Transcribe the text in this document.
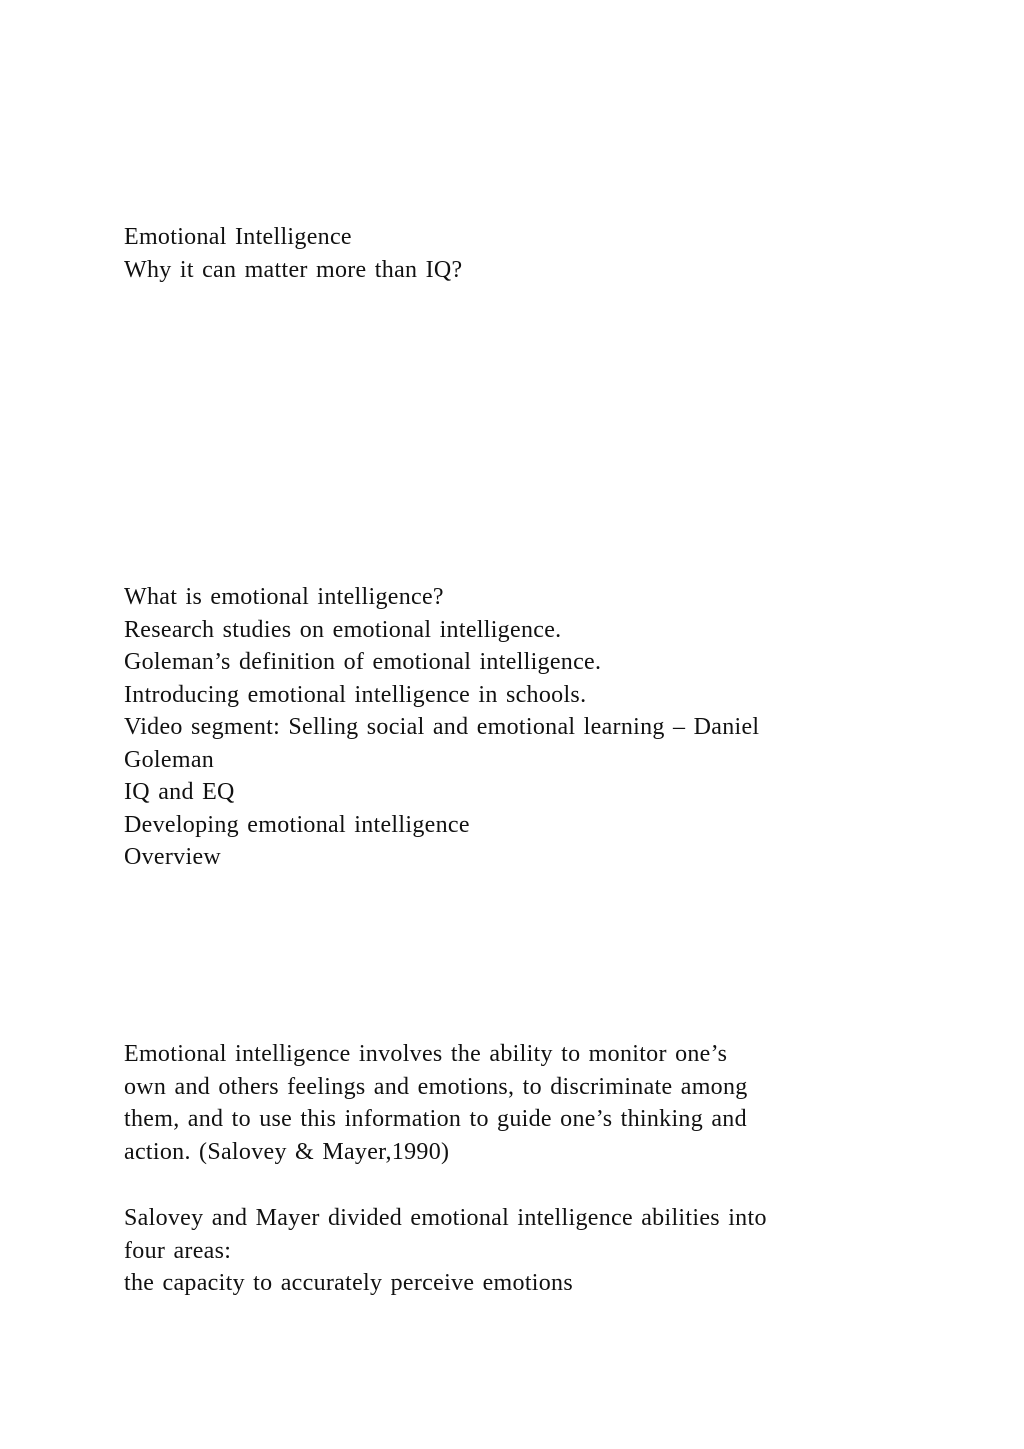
Emotional Intelligence
Why it can matter more than IQ?
What is emotional intelligence?
Research studies on emotional intelligence.
Goleman’s definition of emotional intelligence.
Introducing emotional intelligence in schools.
Video segment: Selling social and emotional learning – Daniel
Goleman
IQ and EQ
Developing emotional intelligence
Overview
Emotional intelligence involves the ability to monitor one’s
own and others feelings and emotions, to discriminate among
them, and to use this information to guide one’s thinking and
action. (Salovey & Mayer,1990)
Salovey and Mayer divided emotional intelligence abilities into
four areas:
the capacity to accurately perceive emotions
